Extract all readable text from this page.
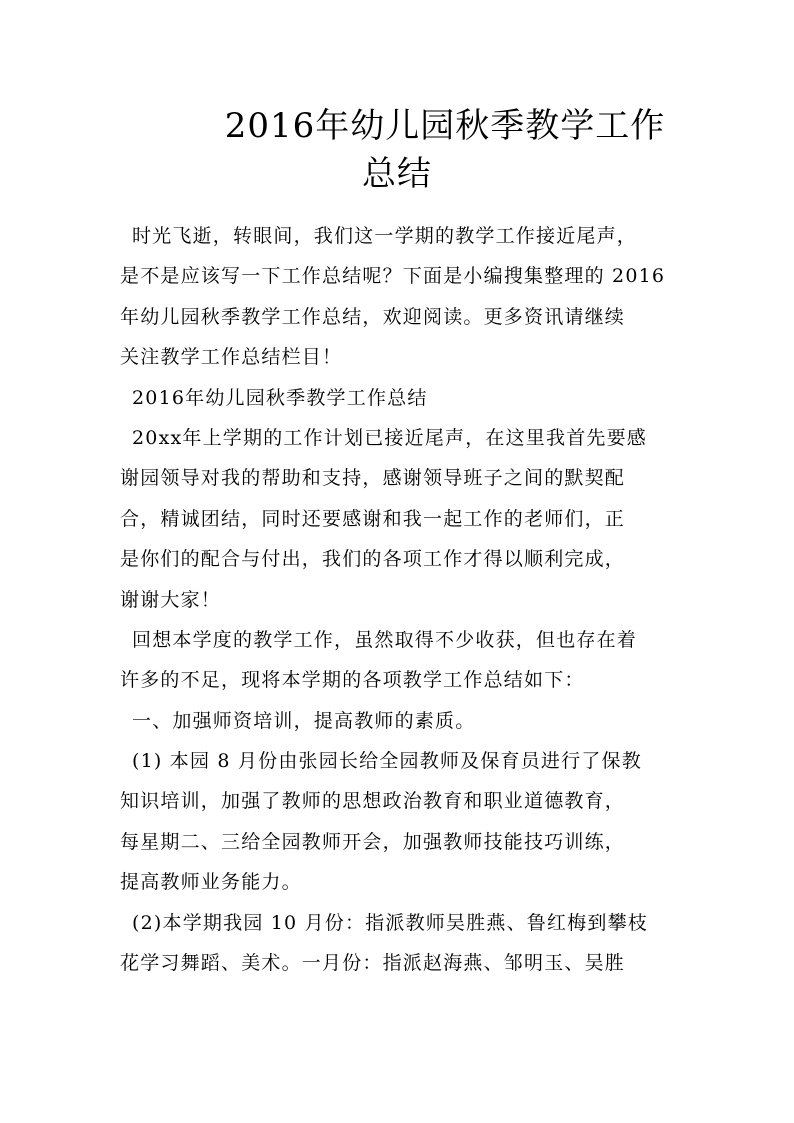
2016年幼儿园秋季教学工作
总结
时光飞逝，转眼间，我们这一学期的教学工作接近尾声，
是不是应该写一下工作总结呢？下面是小编搜集整理的 2016
年幼儿园秋季教学工作总结，欢迎阅读。更多资讯请继续
关注教学工作总结栏目！
2016年幼儿园秋季教学工作总结
20xx年上学期的工作计划已接近尾声，在这里我首先要感
谢园领导对我的帮助和支持，感谢领导班子之间的默契配
合，精诚团结，同时还要感谢和我一起工作的老师们，正
是你们的配合与付出，我们的各项工作才得以顺利完成，
谢谢大家！
回想本学度的教学工作，虽然取得不少收获，但也存在着
许多的不足，现将本学期的各项教学工作总结如下：
一、加强师资培训，提高教师的素质。
(1) 本园 8 月份由张园长给全园教师及保育员进行了保教
知识培训，加强了教师的思想政治教育和职业道德教育，
每星期二、三给全园教师开会，加强教师技能技巧训练，
提高教师业务能力。
(2)本学期我园 10 月份：指派教师吴胜燕、鲁红梅到攀枝
花学习舞蹈、美术。一月份：指派赵海燕、邹明玉、吴胜
